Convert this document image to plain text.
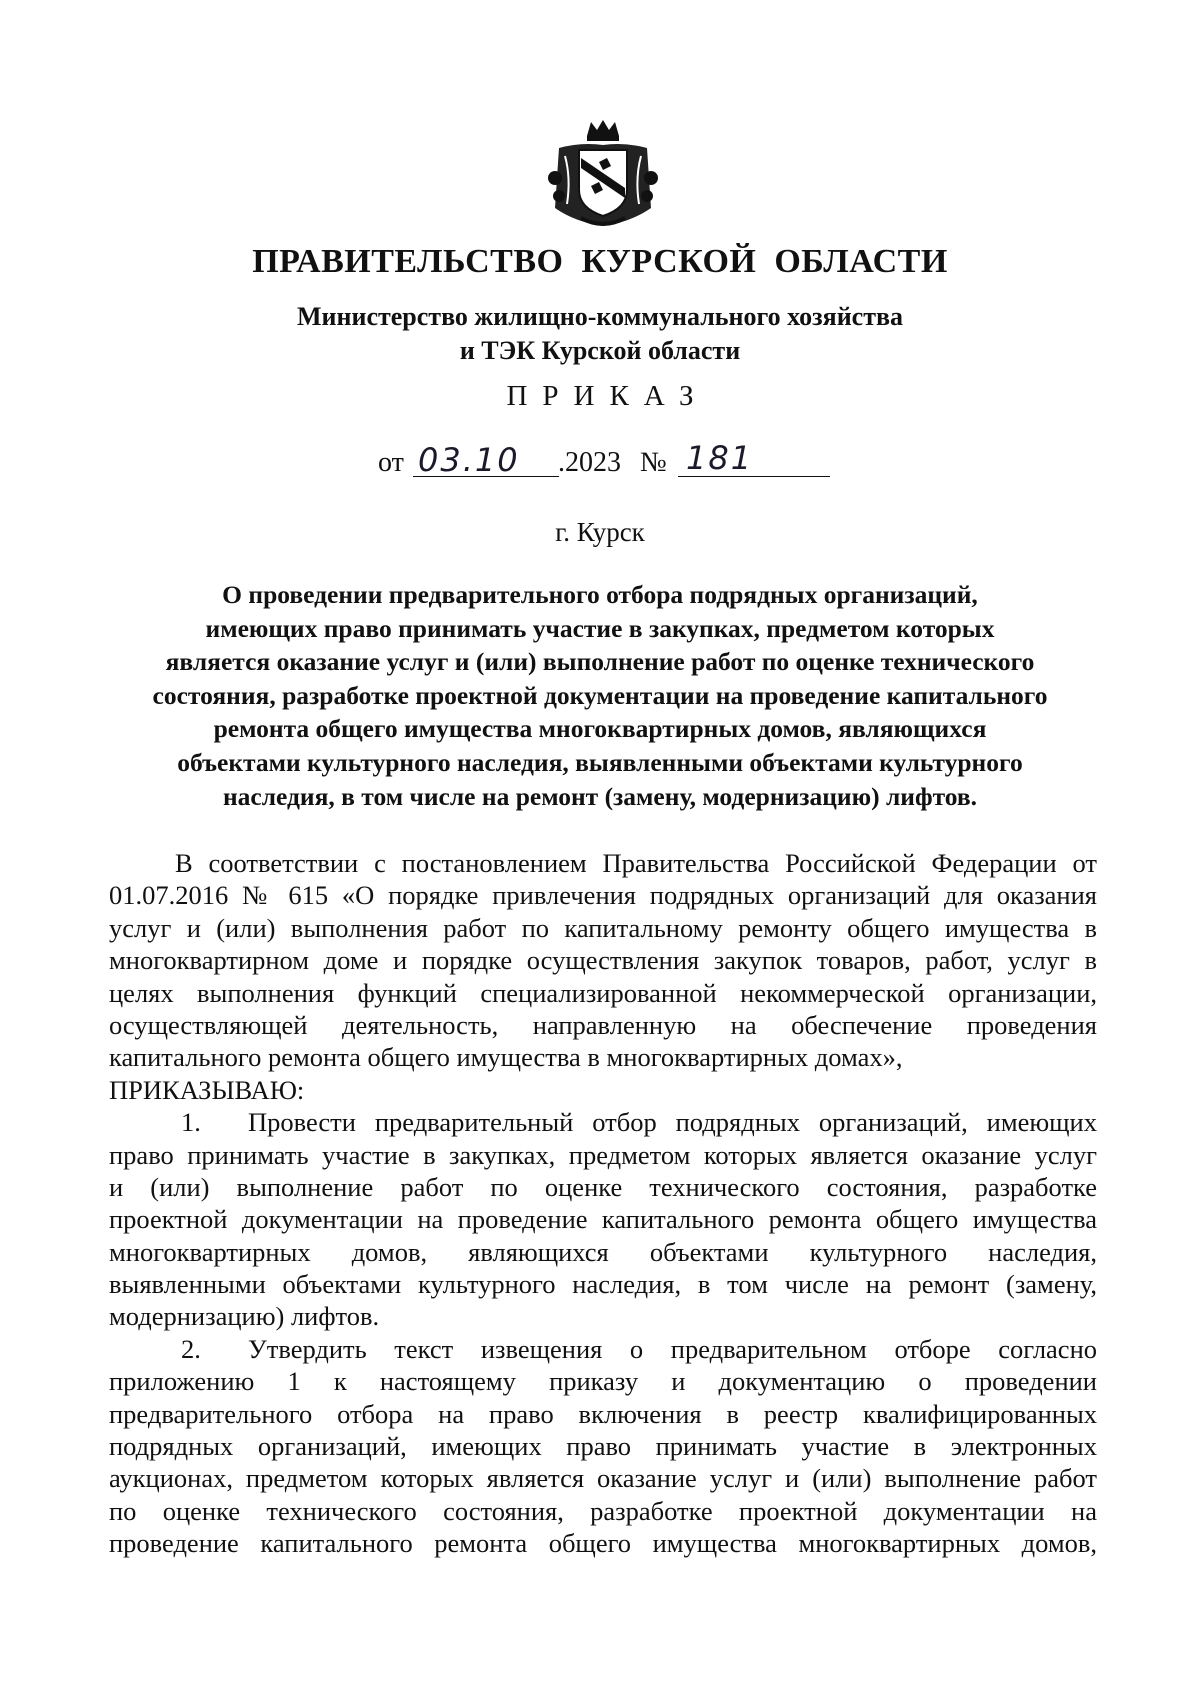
ПРАВИТЕЛЬСТВО  КУРСКОЙ  ОБЛАСТИ
Министерство жилищно-коммунального хозяйства
и ТЭК Курской области
ПРИКАЗ
от 03.10 .2023 № 181
г. Курск
О проведении предварительного отбора подрядных организаций,
имеющих право принимать участие в закупках, предметом которых
является оказание услуг и (или) выполнение работ по оценке технического
состояния, разработке проектной документации на проведение капитального
ремонта общего имущества многоквартирных домов, являющихся
объектами культурного наследия, выявленными объектами культурного
наследия, в том числе на ремонт (замену, модернизацию) лифтов.
В соответствии с постановлением Правительства Российской Федерации от
01.07.2016 № 615 «О порядке привлечения подрядных организаций для оказания
услуг и (или) выполнения работ по капитальному ремонту общего имущества в
многоквартирном доме и порядке осуществления закупок товаров, работ, услуг в
целях выполнения функций специализированной некоммерческой организации,
осуществляющей деятельность, направленную на обеспечение проведения
капитального ремонта общего имущества в многоквартирных домах»,
ПРИКАЗЫВАЮ:
1.	Провести предварительный отбор подрядных организаций, имеющих
право принимать участие в закупках, предметом которых является оказание услуг
и (или) выполнение работ по оценке технического состояния, разработке
проектной документации на проведение капитального ремонта общего имущества
многоквартирных домов, являющихся объектами культурного наследия,
выявленными объектами культурного наследия, в том числе на ремонт (замену,
модернизацию) лифтов.
2.	Утвердить текст извещения о предварительном отборе согласно
приложению 1 к настоящему приказу и документацию о проведении
предварительного отбора на право включения в реестр квалифицированных
подрядных организаций, имеющих право принимать участие в электронных
аукционах, предметом которых является оказание услуг и (или) выполнение работ
по оценке технического состояния, разработке проектной документации на
проведение капитального ремонта общего имущества многоквартирных домов,
